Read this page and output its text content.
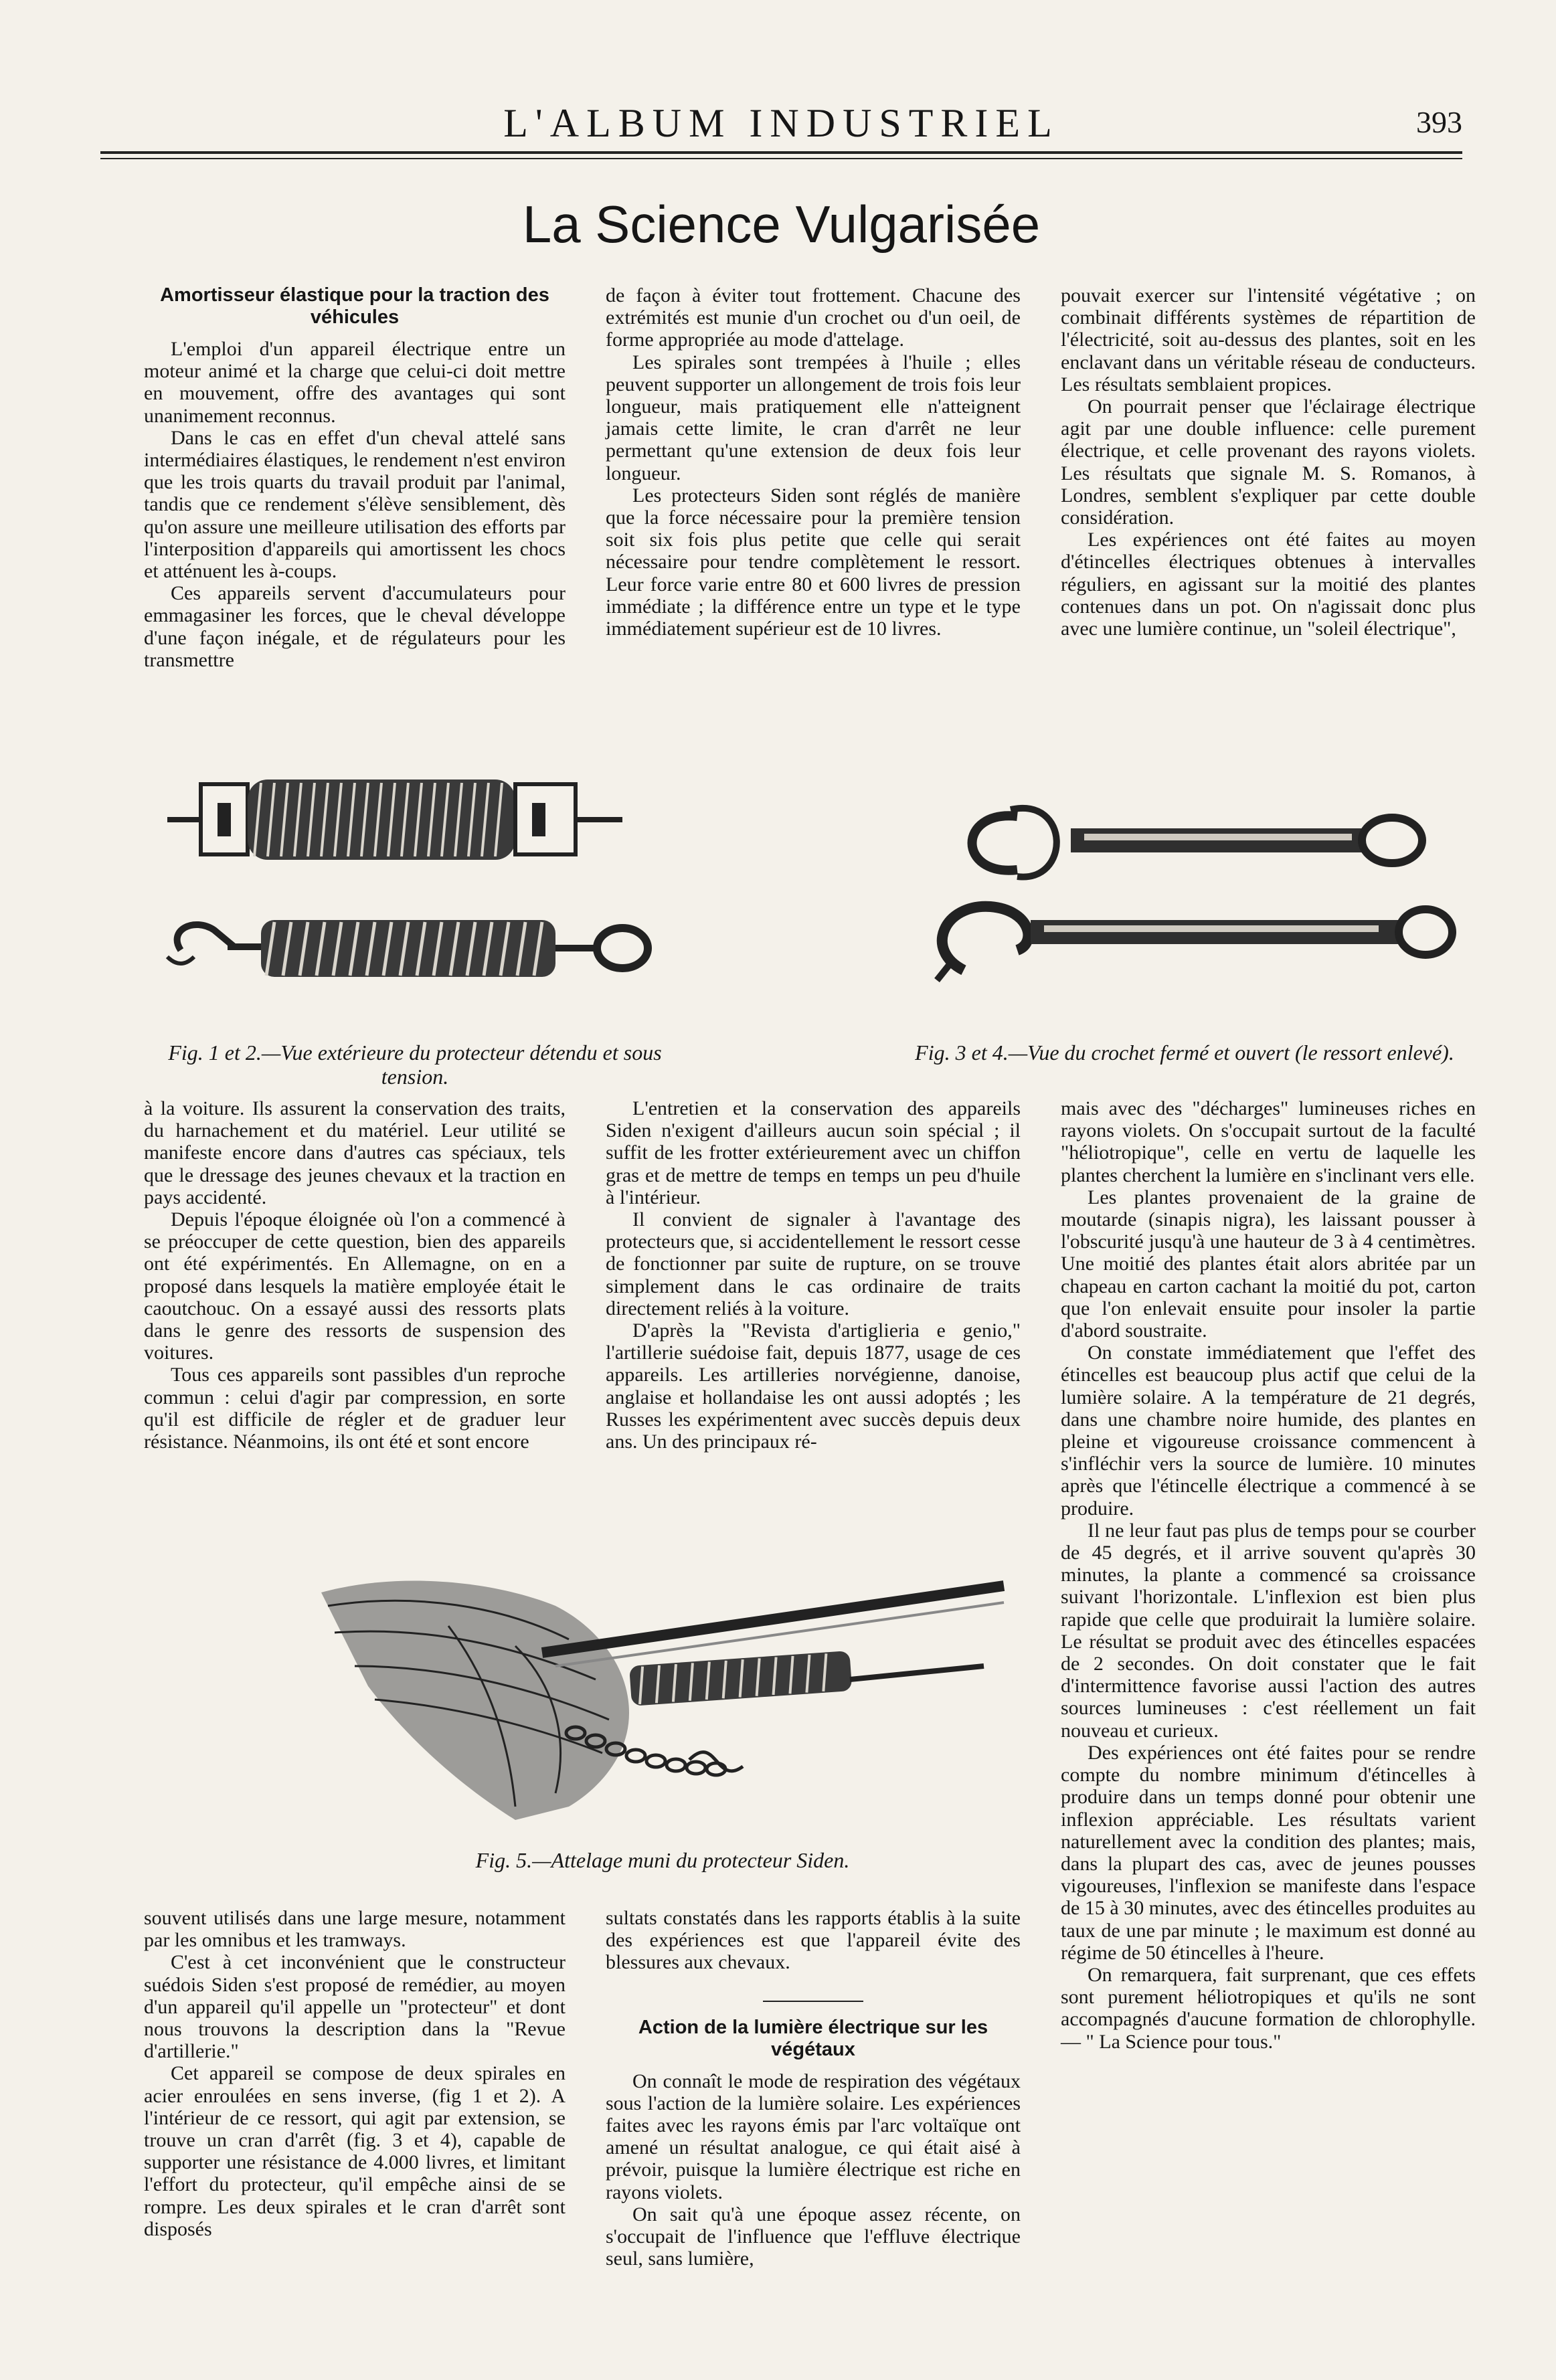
L'ALBUM INDUSTRIEL	393
La Science Vulgarisée
Amortisseur élastique pour la traction des véhicules

L'emploi d'un appareil électrique entre un moteur animé et la charge que celui-ci doit mettre en mouvement, offre des avantages qui sont unanimement reconnus.

Dans le cas en effet d'un cheval attelé sans intermédiaires élastiques, le rendement n'est environ que les trois quarts du travail produit par l'animal, tandis que ce rendement s'élève sensiblement, dès qu'on assure une meilleure utilisation des efforts par l'interposition d'appareils qui amortissent les chocs et atténuent les à-coups.

Ces appareils servent d'accumulateurs pour emmagasiner les forces, que le cheval développe d'une façon inégale, et de régulateurs pour les transmettre

de façon à éviter tout frottement. Chacune des extrémités est munie d'un crochet ou d'un oeil, de forme appropriée au mode d'attelage.

Les spirales sont trempées à l'huile ; elles peuvent supporter un allongement de trois fois leur longueur, mais pratiquement elle n'atteignent jamais cette limite, le cran d'arrêt ne leur permettant qu'une extension de deux fois leur longueur.

Les protecteurs Siden sont réglés de manière que la force nécessaire pour la première tension soit six fois plus petite que celle qui serait nécessaire pour tendre complètement le ressort. Leur force varie entre 80 et 600 livres de pression immédiate ; la différence entre un type et le type immédiatement supérieur est de 10 livres.

pouvait exercer sur l'intensité végétative ; on combinait différents systèmes de répartition de l'électricité, soit au-dessus des plantes, soit en les enclavant dans un véritable réseau de conducteurs. Les résultats semblaient propices.

On pourrait penser que l'éclairage électrique agit par une double influence: celle purement électrique, et celle provenant des rayons violets. Les résultats que signale M. S. Romanos, à Londres, semblent s'expliquer par cette double considération.

Les expériences ont été faites au moyen d'étincelles électriques obtenues à intervalles réguliers, en agissant sur la moitié des plantes contenues dans un pot. On n'agissait donc plus avec une lumière continue, un "soleil électrique",

Fig. 1 et 2.—Vue extérieure du protecteur détendu et sous tension.
Fig. 3 et 4.—Vue du crochet fermé et ouvert (le ressort enlevé).

à la voiture. Ils assurent la conservation des traits, du harnachement et du matériel. Leur utilité se manifeste encore dans d'autres cas spéciaux, tels que le dressage des jeunes chevaux et la traction en pays accidenté.

Depuis l'époque éloignée où l'on a commencé à se préoccuper de cette question, bien des appareils ont été expérimentés. En Allemagne, on en a proposé dans lesquels la matière employée était le caoutchouc. On a essayé aussi des ressorts plats dans le genre des ressorts de suspension des voitures.

Tous ces appareils sont passibles d'un reproche commun : celui d'agir par compression, en sorte qu'il est difficile de régler et de graduer leur résistance. Néanmoins, ils ont été et sont encore

L'entretien et la conservation des appareils Siden n'exigent d'ailleurs aucun soin spécial ; il suffit de les frotter extérieurement avec un chiffon gras et de mettre de temps en temps un peu d'huile à l'intérieur.

Il convient de signaler à l'avantage des protecteurs que, si accidentellement le ressort cesse de fonctionner par suite de rupture, on se trouve simplement dans le cas ordinaire de traits directement reliés à la voiture.

D'après la "Revista d'artiglieria e genio," l'artillerie suédoise fait, depuis 1877, usage de ces appareils. Les artilleries norvégienne, danoise, anglaise et hollandaise les ont aussi adoptés ; les Russes les expérimentent avec succès depuis deux ans. Un des principaux ré-

mais avec des "décharges" lumineuses riches en rayons violets. On s'occupait surtout de la faculté "héliotropique", celle en vertu de laquelle les plantes cherchent la lumière en s'inclinant vers elle.

Les plantes provenaient de la graine de moutarde (sinapis nigra), les laissant pousser à l'obscurité jusqu'à une hauteur de 3 à 4 centimètres. Une moitié des plantes était alors abritée par un chapeau en carton cachant la moitié du pot, carton que l'on enlevait ensuite pour insoler la partie d'abord soustraite.

On constate immédiatement que l'effet des étincelles est beaucoup plus actif que celui de la lumière solaire. A la température de 21 degrés, dans une chambre noire humide, des plantes en pleine et vigoureuse croissance commencent à s'infléchir vers la source de lumière. 10 minutes après que l'étincelle électrique a commencé à se produire.

Il ne leur faut pas plus de temps pour se courber de 45 degrés, et il arrive souvent qu'après 30 minutes, la plante a commencé sa croissance suivant l'horizontale. L'inflexion est bien plus rapide que celle que produirait la lumière solaire. Le résultat se produit avec des étincelles espacées de 2 secondes. On doit constater que le fait d'intermittence favorise aussi l'action des autres sources lumineuses : c'est réellement un fait nouveau et curieux.

Des expériences ont été faites pour se rendre compte du nombre minimum d'étincelles à produire dans un temps donné pour obtenir une inflexion appréciable. Les résultats varient naturellement avec la condition des plantes; mais, dans la plupart des cas, avec de jeunes pousses vigoureuses, l'inflexion se manifeste dans l'espace de 15 à 30 minutes, avec des étincelles produites au taux de une par minute ; le maximum est donné au régime de 50 étincelles à l'heure.

On remarquera, fait surprenant, que ces effets sont purement héliotropiques et qu'ils ne sont accompagnés d'aucune formation de chlorophylle.— " La Science pour tous."

Fig. 5.—Attelage muni du protecteur Siden.

souvent utilisés dans une large mesure, notamment par les omnibus et les tramways.

C'est à cet inconvénient que le constructeur suédois Siden s'est proposé de remédier, au moyen d'un appareil qu'il appelle un "protecteur" et dont nous trouvons la description dans la "Revue d'artillerie."

Cet appareil se compose de deux spirales en acier enroulées en sens inverse, (fig 1 et 2). A l'intérieur de ce ressort, qui agit par extension, se trouve un cran d'arrêt (fig. 3 et 4), capable de supporter une résistance de 4.000 livres, et limitant l'effort du protecteur, qu'il empêche ainsi de se rompre. Les deux spirales et le cran d'arrêt sont disposés

sultats constatés dans les rapports établis à la suite des expériences est que l'appareil évite des blessures aux chevaux.

Action de la lumière électrique sur les végétaux

On connaît le mode de respiration des végétaux sous l'action de la lumière solaire. Les expériences faites avec les rayons émis par l'arc voltaïque ont amené un résultat analogue, ce qui était aisé à prévoir, puisque la lumière électrique est riche en rayons violets.

On sait qu'à une époque assez récente, on s'occupait de l'influence que l'effluve électrique seul, sans lumière,
